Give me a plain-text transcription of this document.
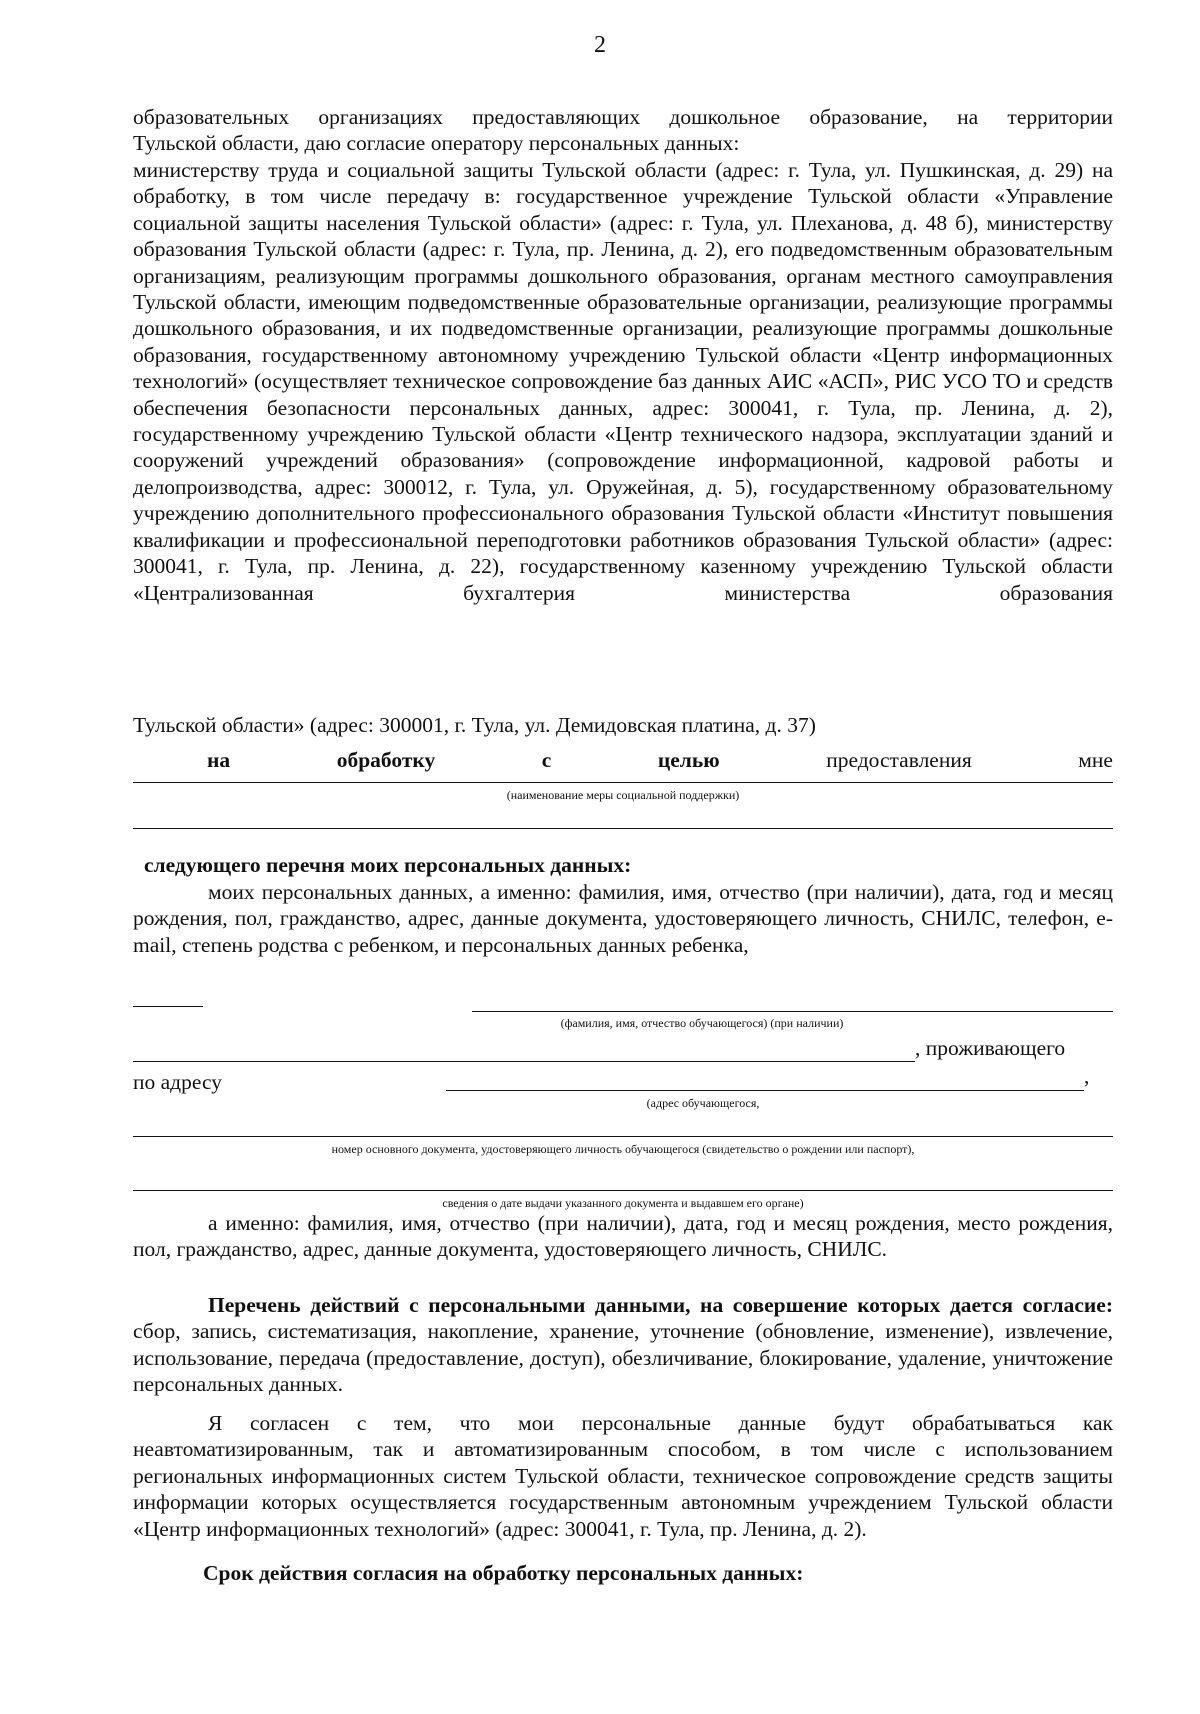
2
образовательных организациях предоставляющих дошкольное образование, на территории
Тульской области, даю согласие оператору персональных данных:
министерству труда и социальной защиты Тульской области (адрес: г. Тула, ул. Пушкинская, д. 29) на обработку, в том числе передачу в: государственное учреждение Тульской области «Управление социальной защиты населения Тульской области» (адрес: г. Тула, ул. Плеханова, д. 48 б), министерству образования Тульской области (адрес: г. Тула, пр. Ленина, д. 2), его подведомственным образовательным организациям, реализующим программы дошкольного образования, органам местного самоуправления Тульской области, имеющим подведомственные образовательные организации, реализующие программы дошкольного образования, и их подведомственные организации, реализующие программы дошкольные образования, государственному автономному учреждению Тульской области «Центр информационных технологий» (осуществляет техническое сопровождение баз данных АИС «АСП», РИС УСО ТО и средств обеспечения безопасности персональных данных, адрес: 300041, г. Тула, пр. Ленина, д. 2), государственному учреждению Тульской области «Центр технического надзора, эксплуатации зданий и сооружений учреждений образования» (сопровождение информационной, кадровой работы и делопроизводства, адрес: 300012, г. Тула, ул. Оружейная, д. 5), государственному образовательному учреждению дополнительного профессионального образования Тульской области «Институт повышения квалификации и профессиональной переподготовки работников образования Тульской области» (адрес: 300041, г. Тула, пр. Ленина, д. 22), государственному казенному учреждению Тульской области «Централизованная бухгалтерия министерства образования
Тульской области» (адрес: 300001, г. Тула, ул. Демидовская платина, д. 37)
на	обработку	с	целью	предоставления	мне
(наименование меры социальной поддержки)
следующего перечня моих персональных данных:
моих персональных данных, а именно: фамилия, имя, отчество (при наличии), дата, год и месяц рождения, пол, гражданство, адрес, данные документа, удостоверяющего личность, СНИЛС, телефон, e-mail, степень родства с ребенком, и персональных данных ребенка,
(фамилия, имя, отчество обучающегося) (при наличии)
, проживающего
по адресу	,
(адрес обучающегося,
номер основного документа, удостоверяющего личность обучающегося (свидетельство о рождении или паспорт),
сведения о дате выдачи указанного документа и выдавшем его органе)
а именно: фамилия, имя, отчество (при наличии), дата, год и месяц рождения, место рождения, пол, гражданство, адрес, данные документа, удостоверяющего личность, СНИЛС.
Перечень действий с персональными данными, на совершение которых дается согласие: сбор, запись, систематизация, накопление, хранение, уточнение (обновление, изменение), извлечение, использование, передача (предоставление, доступ), обезличивание, блокирование, удаление, уничтожение персональных данных.
Я согласен с тем, что мои персональные данные будут обрабатываться как неавтоматизированным, так и автоматизированным способом, в том числе с использованием региональных информационных систем Тульской области, техническое сопровождение средств защиты информации которых осуществляется государственным автономным учреждением Тульской области «Центр информационных технологий» (адрес: 300041, г. Тула, пр. Ленина, д. 2).
Срок действия согласия на обработку персональных данных:
